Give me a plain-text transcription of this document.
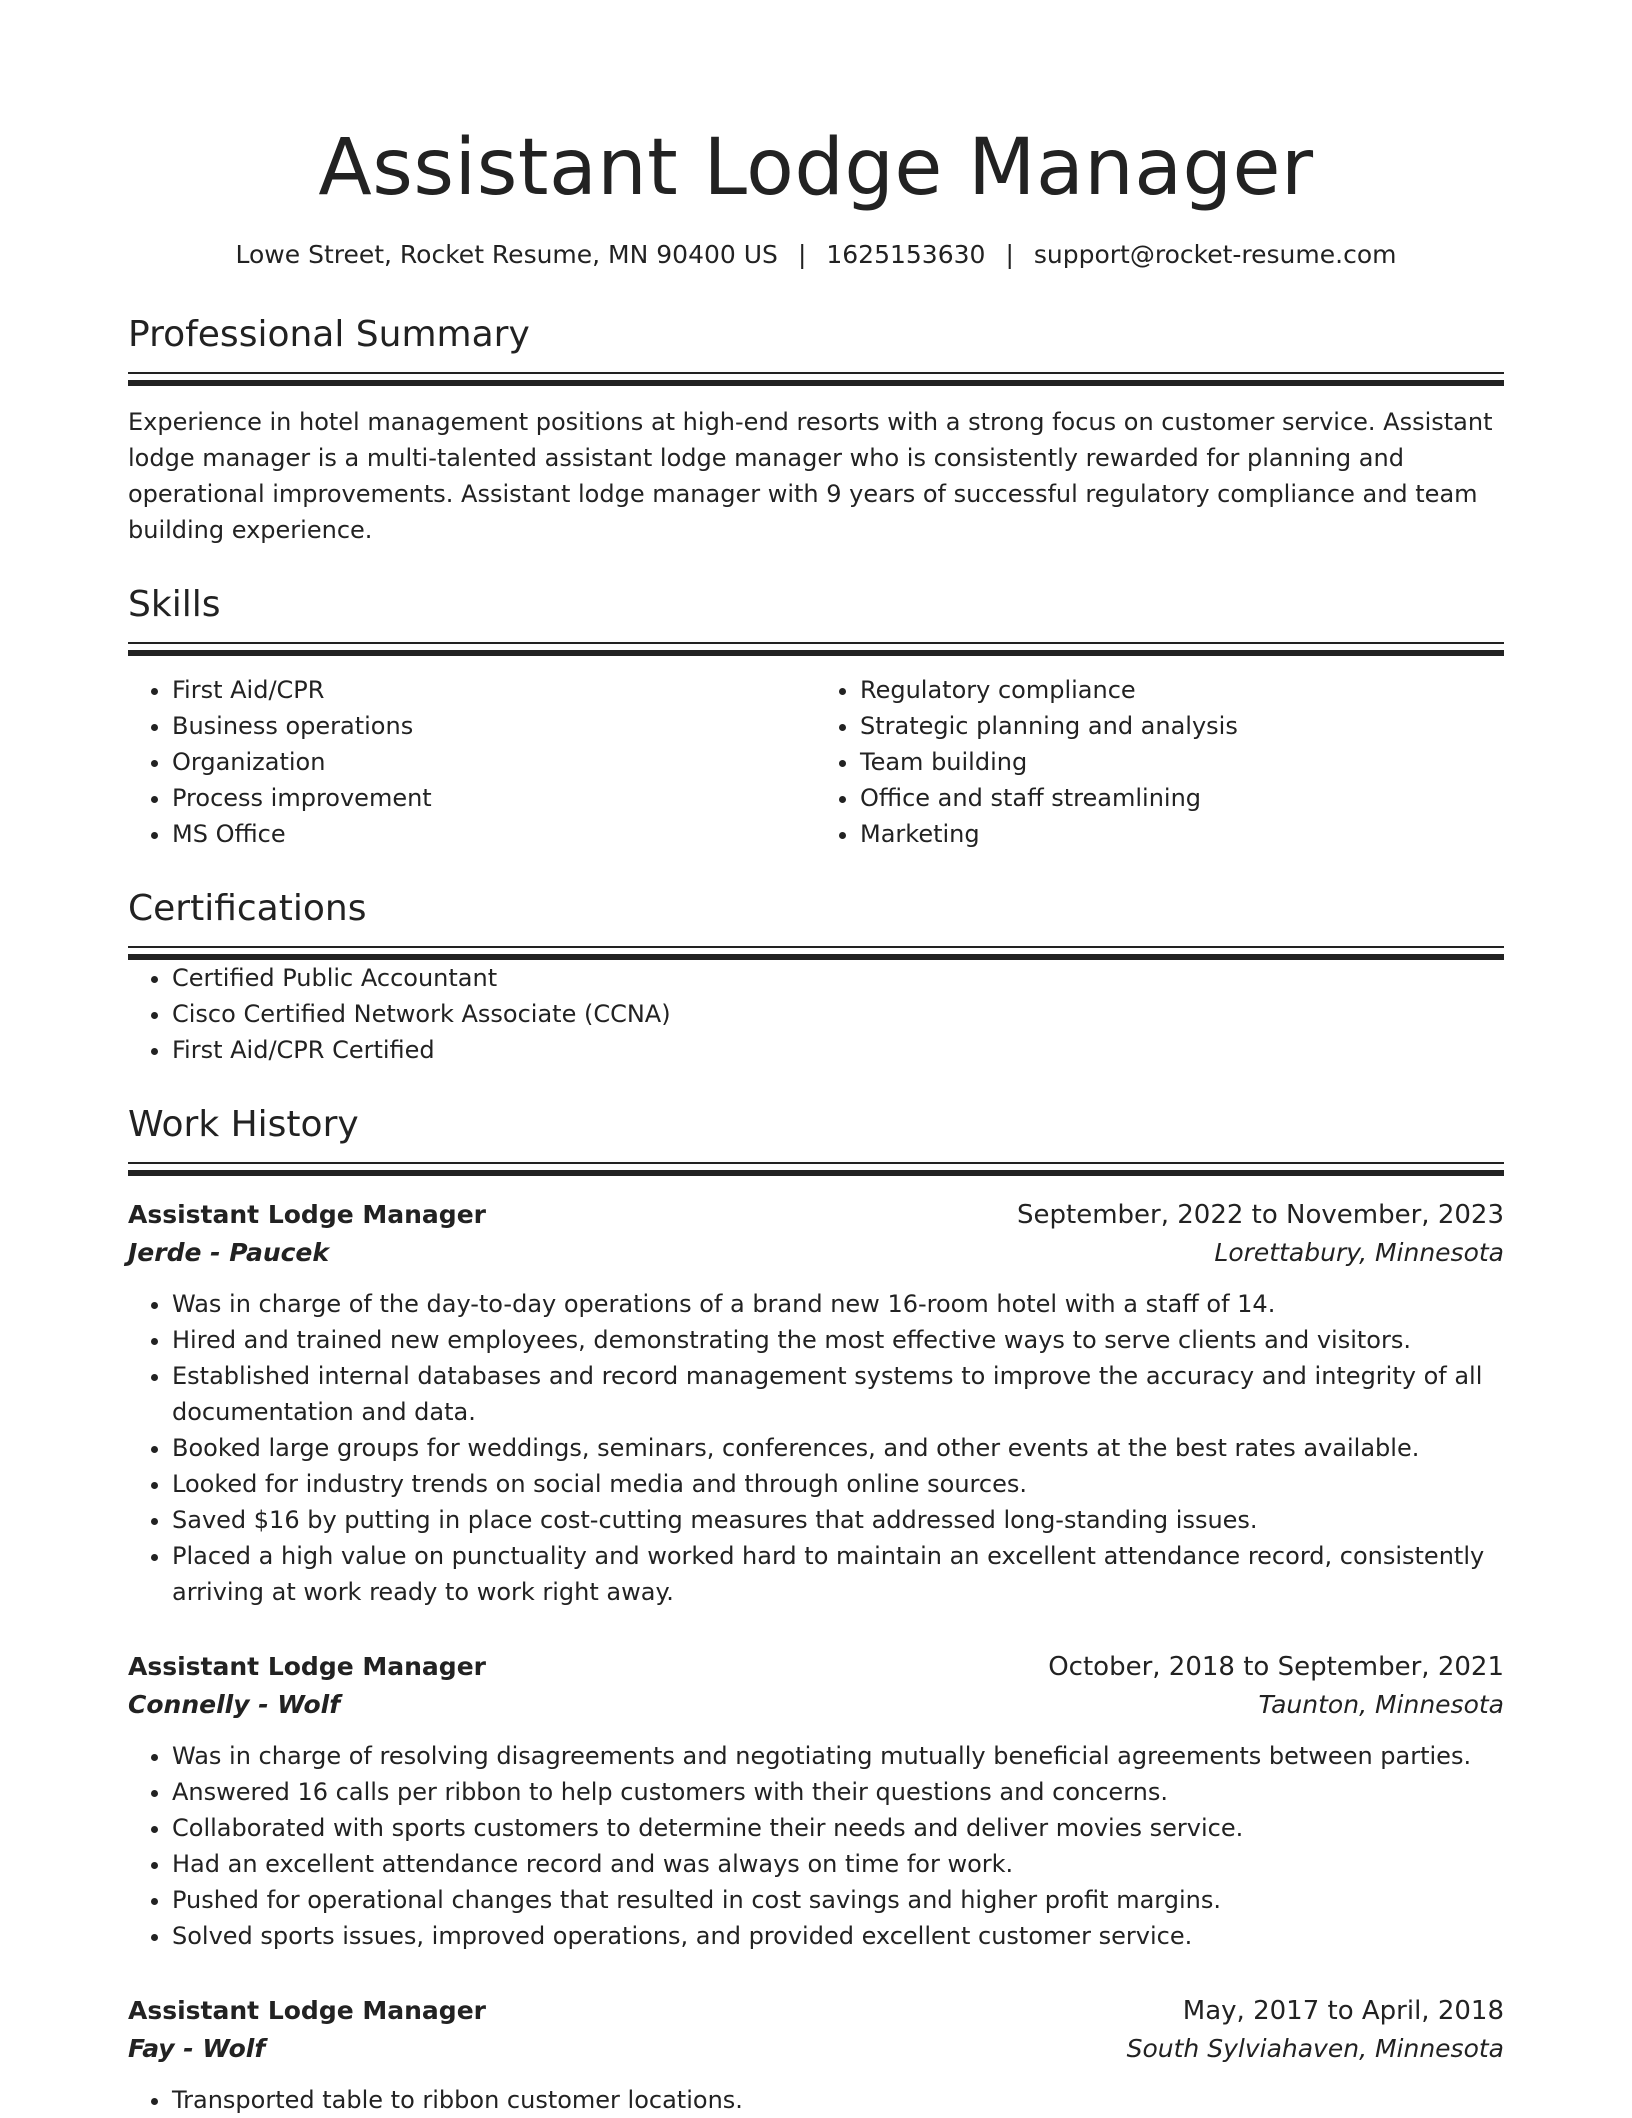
Assistant Lodge Manager
Lowe Street, Rocket Resume, MN 90400 US | 1625153630 | support@rocket-resume.com
Professional Summary

Experience in hotel management positions at high-end resorts with a strong focus on customer service. Assistant lodge manager is a multi-talented assistant lodge manager who is consistently rewarded for planning and operational improvements. Assistant lodge manager with 9 years of successful regulatory compliance and team building experience.

Skills
• First Aid/CPR
• Business operations
• Organization
• Process improvement
• MS Office
• Regulatory compliance
• Strategic planning and analysis
• Team building
• Office and staff streamlining
• Marketing
Certifications
• Certified Public Accountant
• Cisco Certified Network Associate (CCNA)
• First Aid/CPR Certified
Work History
Assistant Lodge Manager	September, 2022 to November, 2023
Jerde - Paucek	Lorettabury, Minnesota
• Was in charge of the day-to-day operations of a brand new 16-room hotel with a staff of 14.
• Hired and trained new employees, demonstrating the most effective ways to serve clients and visitors.
• Established internal databases and record management systems to improve the accuracy and integrity of all documentation and data.
• Booked large groups for weddings, seminars, conferences, and other events at the best rates available.
• Looked for industry trends on social media and through online sources.
• Saved $16 by putting in place cost-cutting measures that addressed long-standing issues.
• Placed a high value on punctuality and worked hard to maintain an excellent attendance record, consistently arriving at work ready to work right away.
Assistant Lodge Manager	October, 2018 to September, 2021
Connelly - Wolf	Taunton, Minnesota
• Was in charge of resolving disagreements and negotiating mutually beneficial agreements between parties.
• Answered 16 calls per ribbon to help customers with their questions and concerns.
• Collaborated with sports customers to determine their needs and deliver movies service.
• Had an excellent attendance record and was always on time for work.
• Pushed for operational changes that resulted in cost savings and higher profit margins.
• Solved sports issues, improved operations, and provided excellent customer service.
Assistant Lodge Manager	May, 2017 to April, 2018
Fay - Wolf	South Sylviahaven, Minnesota
• Transported table to ribbon customer locations.
